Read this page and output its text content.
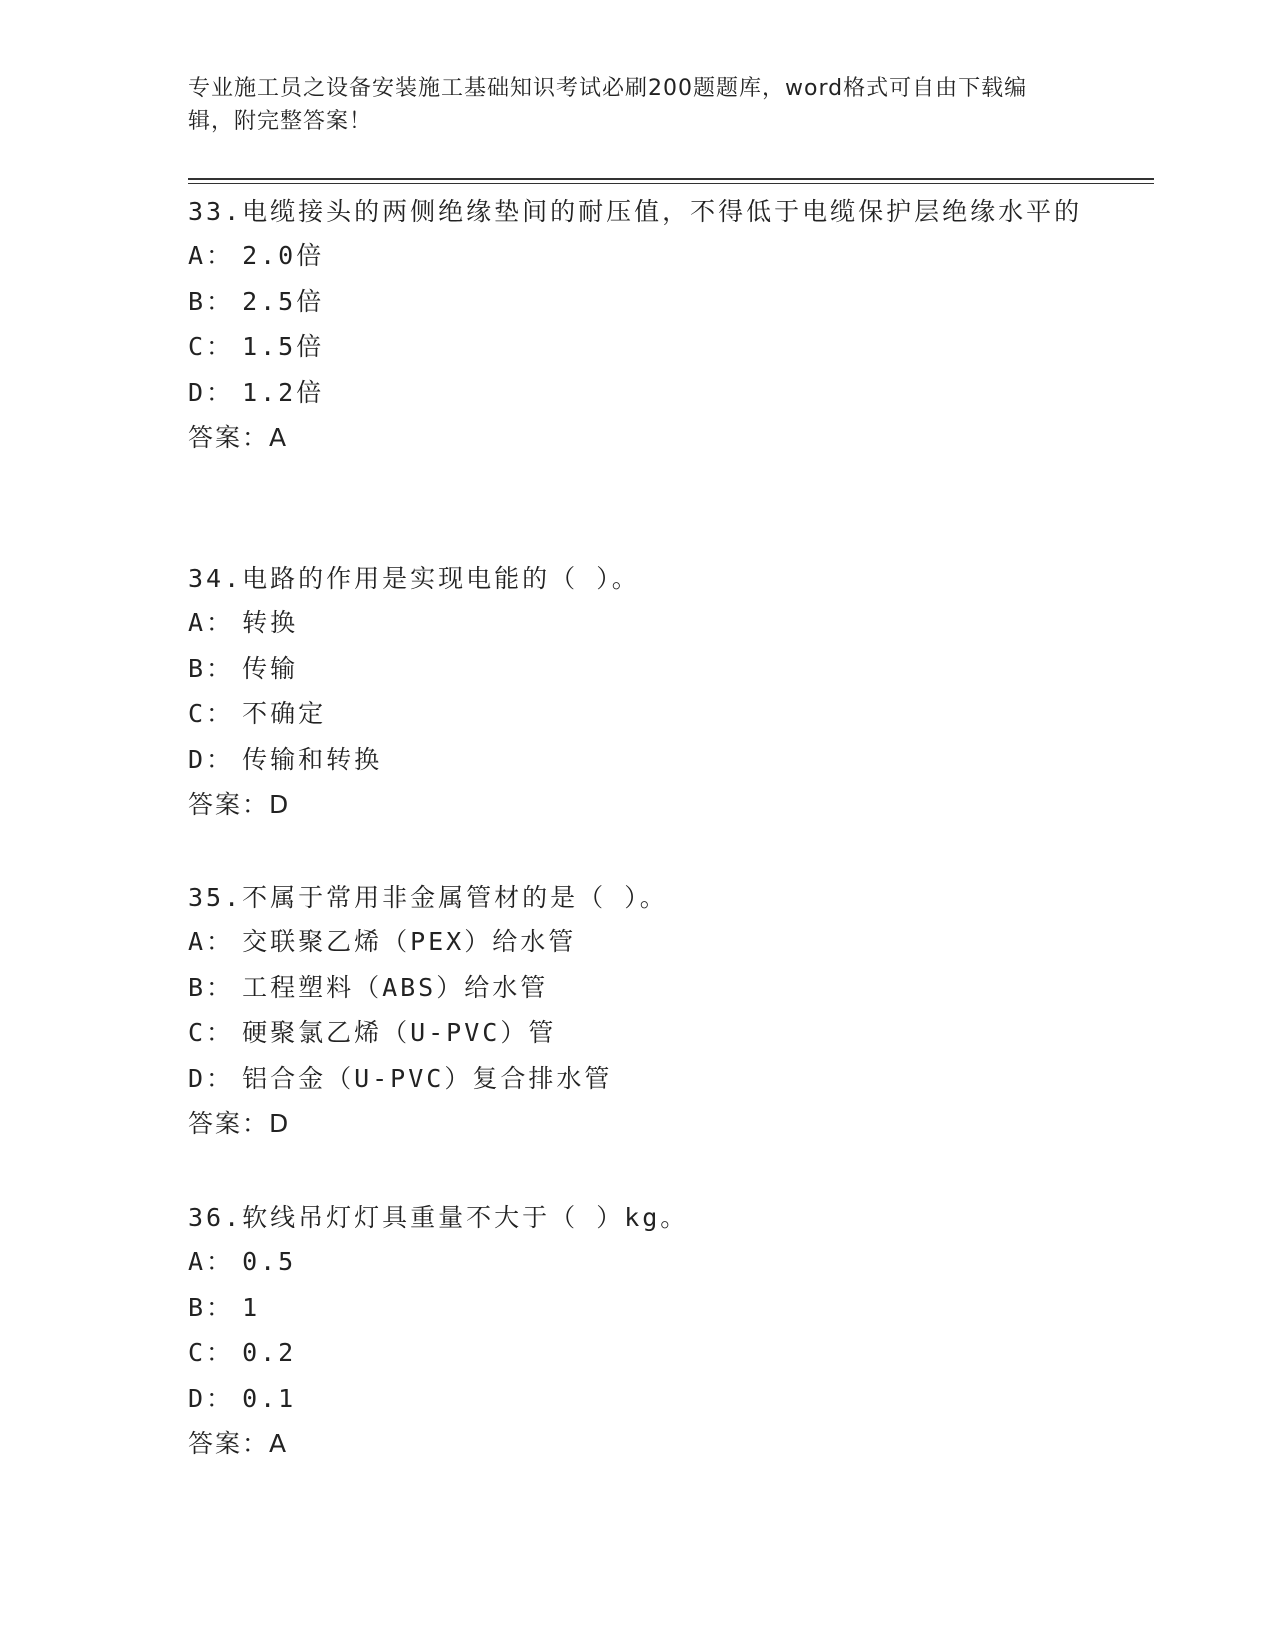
专业施工员之设备安装施工基础知识考试必刷200题题库，word格式可自由下载编辑，附完整答案！

33.电缆接头的两侧绝缘垫间的耐压值，不得低于电缆保护层绝缘水平的

A： 2.0倍

B： 2.5倍

C： 1.5倍

D： 1.2倍

答案：A

34.电路的作用是实现电能的（ ）。

A： 转换

B： 传输

C： 不确定

D： 传输和转换

答案：D

35.不属于常用非金属管材的是（ ）。

A： 交联聚乙烯（PEX）给水管

B： 工程塑料（ABS）给水管

C： 硬聚氯乙烯（U-PVC）管

D： 铝合金（U-PVC）复合排水管

答案：D

36.软线吊灯灯具重量不大于（ ）kg。

A： 0.5

B： 1

C： 0.2

D： 0.1

答案：A
